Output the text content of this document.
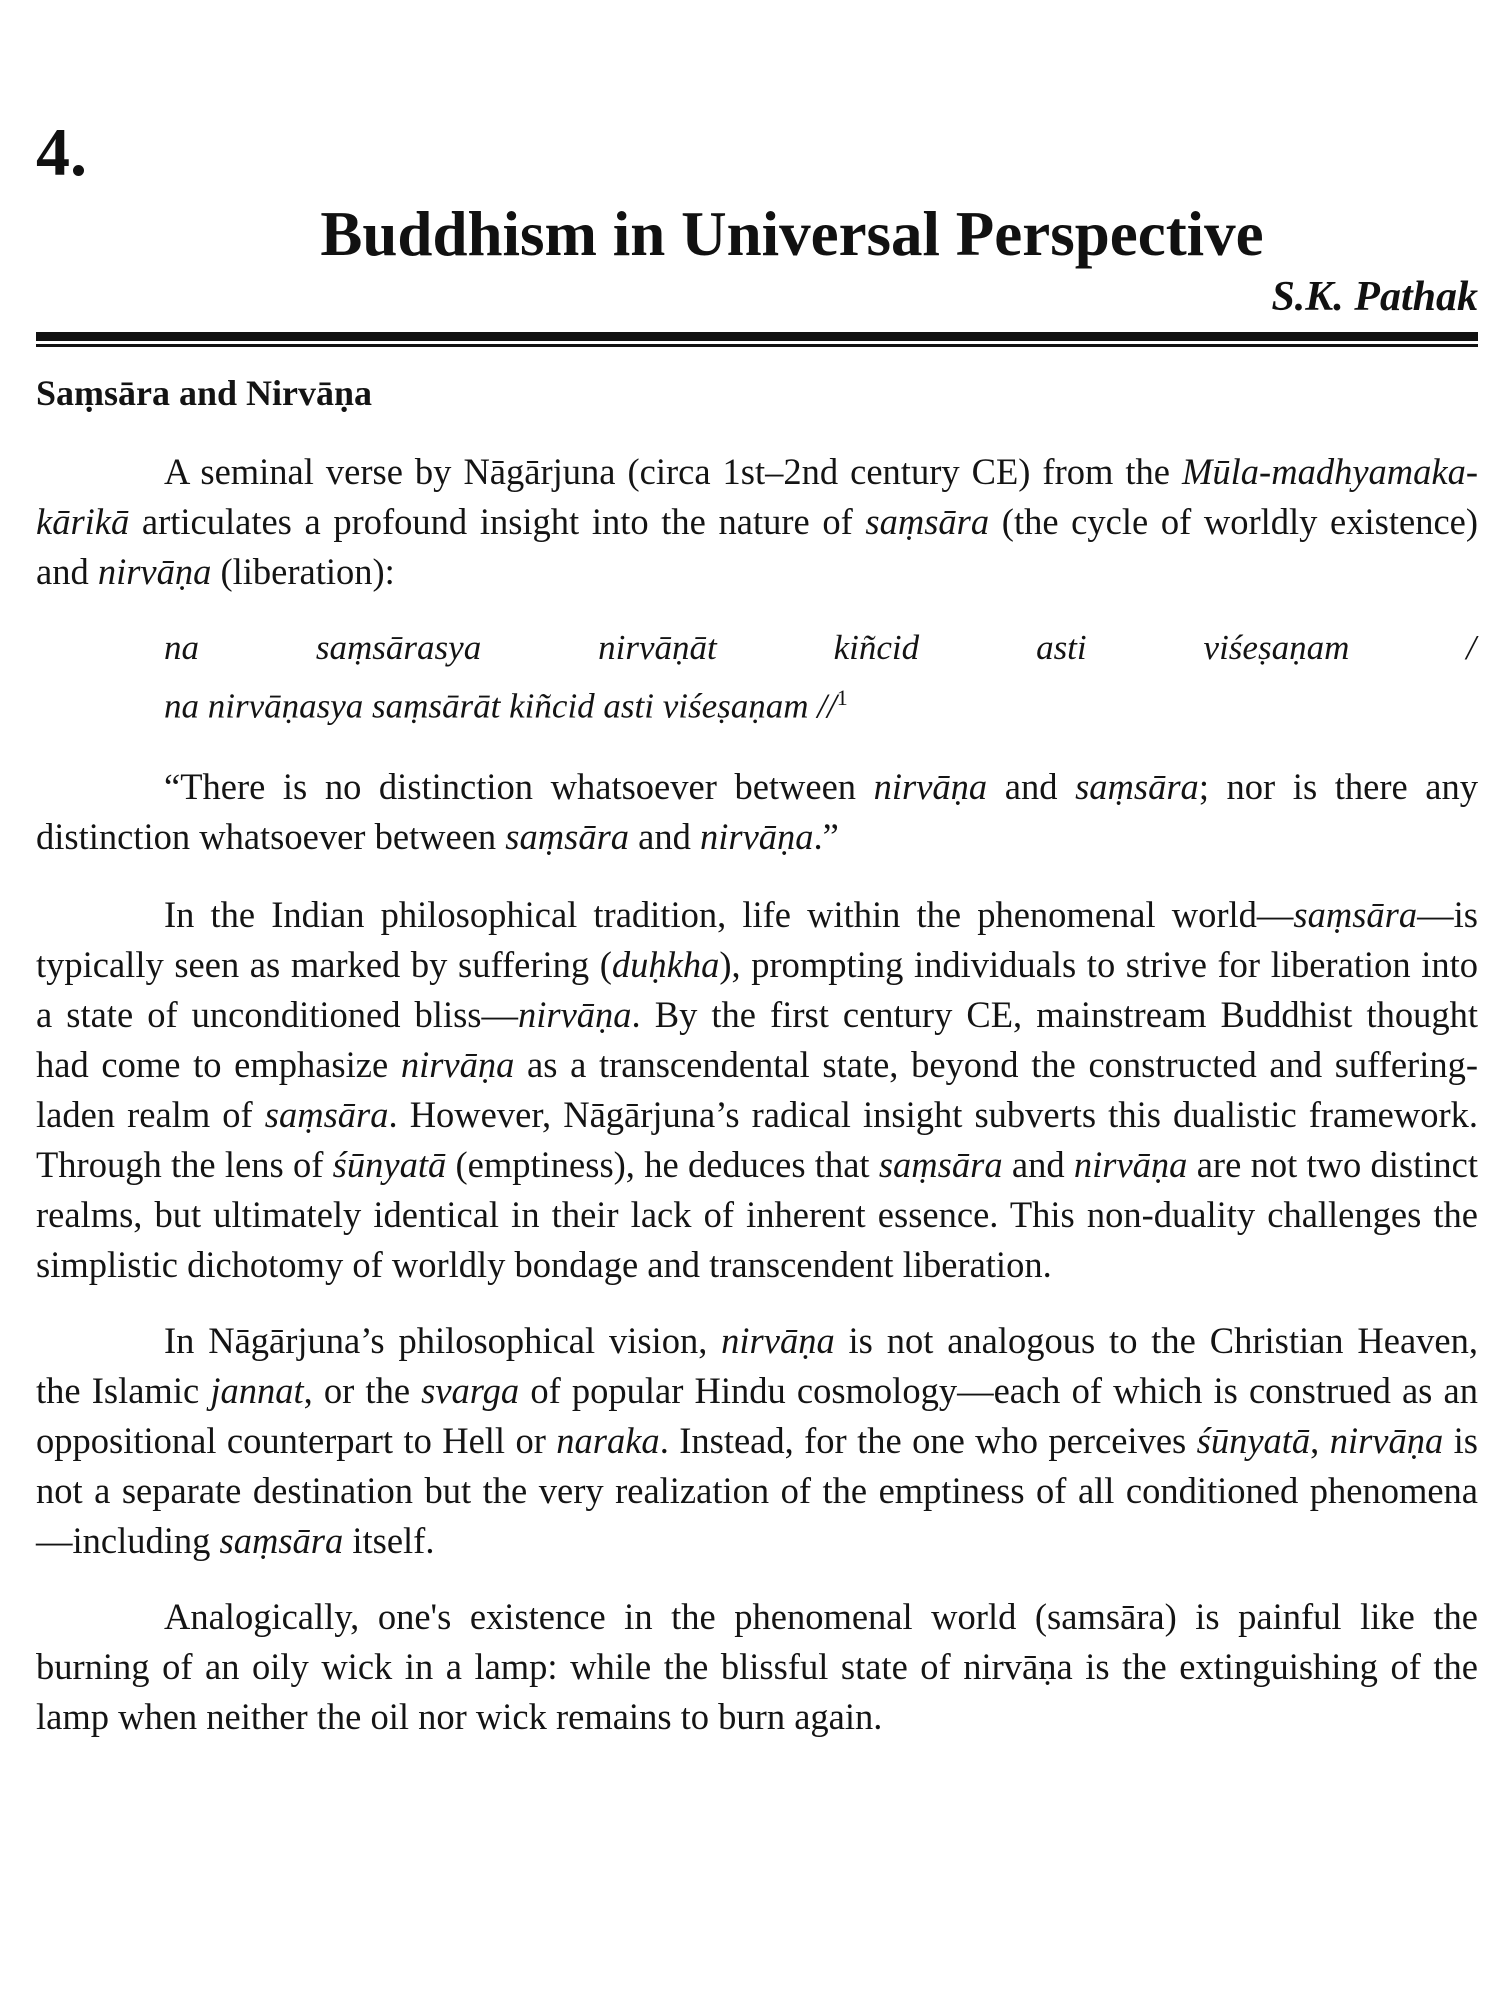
4.
Buddhism in Universal Perspective
S.K. Pathak
Saṃsāra and Nirvāṇa

A seminal verse by Nāgārjuna (circa 1st–2nd century CE) from the Mūla-madhyamaka-kārikā articulates a profound insight into the nature of saṃsāra (the cycle of worldly existence) and nirvāṇa (liberation):

na	saṃsārasya	nirvāṇāt	kiñcid	asti	viśeṣaṇam	/
na nirvāṇasya saṃsārāt kiñcid asti viśeṣaṇam //$^1$

“There is no distinction whatsoever between nirvāṇa and saṃsāra; nor is there any distinction whatsoever between saṃsāra and nirvāṇa.”

In the Indian philosophical tradition, life within the phenomenal world—saṃsāra—is typically seen as marked by suffering (duḥkha), prompting individuals to strive for liberation into a state of unconditioned bliss—nirvāṇa. By the first century CE, mainstream Buddhist thought had come to emphasize nirvāṇa as a transcendental state, beyond the constructed and suffering-laden realm of saṃsāra. However, Nāgārjuna’s radical insight subverts this dualistic framework. Through the lens of śūnyatā (emptiness), he deduces that saṃsāra and nirvāṇa are not two distinct realms, but ultimately identical in their lack of inherent essence. This non-duality challenges the simplistic dichotomy of worldly bondage and transcendent liberation.

In Nāgārjuna’s philosophical vision, nirvāṇa is not analogous to the Christian Heaven, the Islamic jannat, or the svarga of popular Hindu cosmology—each of which is construed as an oppositional counterpart to Hell or naraka. Instead, for the one who perceives śūnyatā, nirvāṇa is not a separate destination but the very realization of the emptiness of all conditioned phenomena—including saṃsāra itself.

Analogically, one's existence in the phenomenal world (samsāra) is painful like the burning of an oily wick in a lamp: while the blissful state of nirvāṇa is the extinguishing of the lamp when neither the oil nor wick remains to burn again.
